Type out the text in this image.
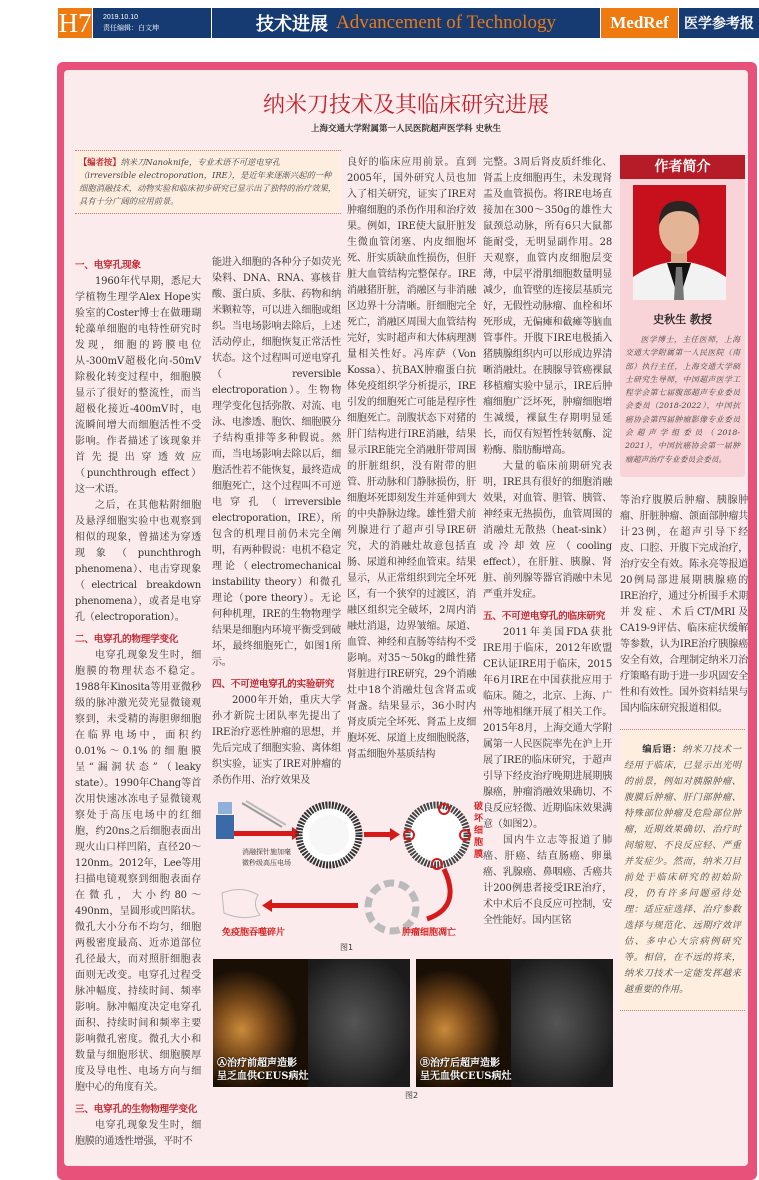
H7 2019.10.10
责任编辑：白文坤	技术进展 Advancement of Technology	MedRef	医学参考报
纳米刀技术及其临床研究进展
上海交通大学附属第一人民医院超声医学科 史秋生
【编者按】纳米刀Nanoknife，专业术语不可逆电穿孔（irreversible electroporation，IRE），是近年来逐渐兴起的一种细胞消融技术，动物实验和临床初步研究已显示出了独特的治疗效果，具有十分广阔的应用前景。
一、电穿孔现象
1960年代早期，悉尼大学植物生理学Alex Hope实验室的Coster博士在做珊瑚轮藻单细胞的电特性研究时发现，细胞的跨膜电位从-300mV超极化向-50mV除极化转变过程中，细胞膜显示了很好的整流性，而当超极化接近-400mV时，电流瞬间增大而细胞活性不受影响。作者描述了该现象并首先提出穿透效应（punchthrough effect）这一术语。
之后，在其他粘附细胞及悬浮细胞实验中也观察到相似的现象，曾描述为穿透现象（punchthrogh phenomena）、电击穿现象（electrical breakdown phenomena），或者是电穿孔（electroporation）。
二、电穿孔的物理学变化
电穿孔现象发生时，细胞膜的物理状态不稳定。1988年Kinosita等用亚微秒级的脉冲激光荧光显微镜观察到，未受精的海胆卵细胞在临界电场中，面积约0.01%～0.1%的细胞膜呈“漏洞状态”（leaky state）。1990年Chang等首次用快速冰冻电子显微镜观察处于高压电场中的红细胞，约20ns之后细胞表面出现火山口样凹陷，直径20～120nm。2012年，Lee等用扫描电镜观察到细胞表面存在微孔，大小约80～490nm，呈圆形或凹陷状。微孔大小分布不均匀，细胞两极密度最高、近赤道部位孔径最大，而对照肝细胞表面则无改变。电穿孔过程受脉冲幅度、持续时间、频率影响。脉冲幅度决定电穿孔面积、持续时间和频率主要影响微孔密度。微孔大小和数量与细胞形状、细胞膜厚度及导电性、电场方向与细胞中心的角度有关。
三、电穿孔的生物物理学变化
电穿孔现象发生时，细胞膜的通透性增强，平时不
能进入细胞的各种分子如荧光染料、DNA、RNA、寡核苷酸、蛋白质、多肽、药物和纳米颗粒等，可以进入细胞或组织。当电场影响去除后，上述活动停止，细胞恢复正常活性状态。这个过程叫可逆电穿孔（reversible electroporation）。生物物理学变化包括弥散、对流、电泳、电渗透、胞饮、细胞膜分子结构重排等多种假说。然而，当电场影响去除以后，细胞活性若不能恢复，最终造成细胞死亡，这个过程叫不可逆电穿孔（irreversible electroporation，IRE），所包含的机理目前仍未完全阐明，有两种假说：电机不稳定理论（electromechanical instability theory）和微孔理论（pore theory）。无论何种机理，IRE的生物物理学结果是细胞内环境平衡受到破坏，最终细胞死亡，如图1所示。
四、不可逆电穿孔的实验研究
2000年开始，重庆大学孙才新院士团队率先提出了IRE治疗恶性肿瘤的思想，并先后完成了细胞实验、离体组织实验，证实了IRE对肿瘤的杀伤作用、治疗效果及
良好的临床应用前景。直到2005年，国外研究人员也加入了相关研究，证实了IRE对肿瘤细胞的杀伤作用和治疗效果。例如，IRE使大鼠肝脏发生微血管闭塞、内皮细胞坏死、肝实质缺血性损伤，但肝脏大血管结构完整保存。IRE消融猪肝脏，消融区与非消融区边界十分清晰。肝细胞完全死亡，消融区周围大血管结构完好，实时超声和大体病理测量相关性好。冯库萨（Von Kossa）、抗BAX肿瘤蛋白抗体免疫组织学分析提示，IRE引发的细胞死亡可能是程序性细胞死亡。剖腹状态下对猪的肝门结构进行IRE消融，结果显示IRE能完全消融肝带周围的肝脏组织，没有附带的胆管、肝动脉和门静脉损伤，肝细胞坏死即刻发生并延伸到大的中央静脉边缘。雄性猎犬前列腺进行了超声引导IRE研究，犬的消融灶故意包括直肠、尿道和神经血管束。结果显示，从正常组织到完全坏死区，有一个狭窄的过渡区，消融区组织完全破坏，2周内消融灶消退，边界皱缩。尿道、血管、神经和直肠等结构不受影响。对35～50kg的雌性猪肾脏进行IRE研究，29个消融灶中18个消融灶包含肾盂或肾盏。结果显示，36小时内肾皮质完全坏死、肾盂上皮细胞坏死、尿道上皮细胞脱落，肾盂细胞外基质结构
完整。3周后肾皮质纤维化、肾盂上皮细胞再生，未发现肾盂及血管损伤。将IRE电场直接加在300～350g的雄性大鼠颈总动脉，所有6只大鼠都能耐受，无明显副作用。28天观察，血管内皮细胞层变薄，中层平滑肌细胞数量明显减少，血管壁的连接层基质完好，无假性动脉瘤、血栓和坏死形成，无偏瘫和截瘫等脑血管事件。开腹下IRE电极插入猪胰腺组织内可以形成边界清晰消融灶。在胰腺导管癌裸鼠移植瘤实验中显示，IRE后肿瘤细胞广泛坏死，肿瘤细胞增生减缓，裸鼠生存期明显延长，而仅有短暂性转氨酶、淀粉酶、脂肪酶增高。
大量的临床前期研究表明，IRE具有很好的细胞消融效果，对血管、胆管、胰管、神经束无热损伤，血管周围的消融灶无散热（heat-sink）或冷却效应（cooling effect），在肝脏、胰腺、肾脏、前列腺等器官消融中未见严重并发症。
五、不可逆电穿孔的临床研究
2011年美国FDA获批IRE用于临床，2012年欧盟CE认证IRE用于临床，2015年6月IRE在中国获批应用于临床。随之，北京、上海、广州等地相继开展了相关工作。2015年8月，上海交通大学附属第一人民医院率先在沪上开展了IRE的临床研究，于超声引导下经皮治疗晚期进展期胰腺癌，肿瘤消融效果确切、不良反应轻微、近期临床效果满意（如图2）。
国内牛立志等报道了肺癌、肝癌、结直肠癌、卵巢癌、乳腺癌、鼻咽癌、舌癌共计200例患者接受IRE治疗，术中术后不良反应可控制，安全性能好。国内匡铭
等治疗腹膜后肿瘤、胰腺肿瘤、肝脏肿瘤、颌面部肿瘤共计23例，在超声引导下经皮、口腔、开腹下完成治疗，治疗安全有效。陈永亮等报道20例局部进展期胰腺癌的IRE治疗，通过分析围手术期并发症、术后CT/MRI及CA19-9评估、临床症状缓解等参数，认为IRE治疗胰腺癌安全有效，合理制定纳米刀治疗策略有助于进一步巩固安全性和有效性。国外资料结果与国内临床研究报道相似。
作者简介
史秋生 教授
医学博士，主任医师，上海交通大学附属第一人民医院（南部）执行主任，上海交通大学硕士研究生导师，中国超声医学工程学会第七届腹部超声专业委员会委员（2018-2022），中国抗癌协会第四届肿瘤影像专业委员会超声学组委员（2018-2021），中国抗癌协会第一届肿瘤超声治疗专业委员会委员。
编后语：纳米刀技术一经用于临床，已显示出光明的前景，例如对胰腺肿瘤、腹膜后肿瘤、肝门部肿瘤、特殊部位肿瘤及危险部位肿瘤，近期效果确切、治疗时间缩短、不良反应轻、严重并发症少。然而，纳米刀目前处于临床研究的初始阶段，仍有许多问题亟待处理：适应症选择、治疗参数选择与规范化、远期疗效评估、多中心大宗病例研究等。相信，在不远的将来，纳米刀技术一定能发挥越来越重要的作用。
消融探针施加毫
微秒级高压电场
破坏细胞膜
肿瘤细胞凋亡
免疫胞吞噬碎片
图1
Ⓐ治疗前超声造影
呈乏血供CEUS病灶
Ⓑ治疗后超声造影
呈无血供CEUS病灶
图2
